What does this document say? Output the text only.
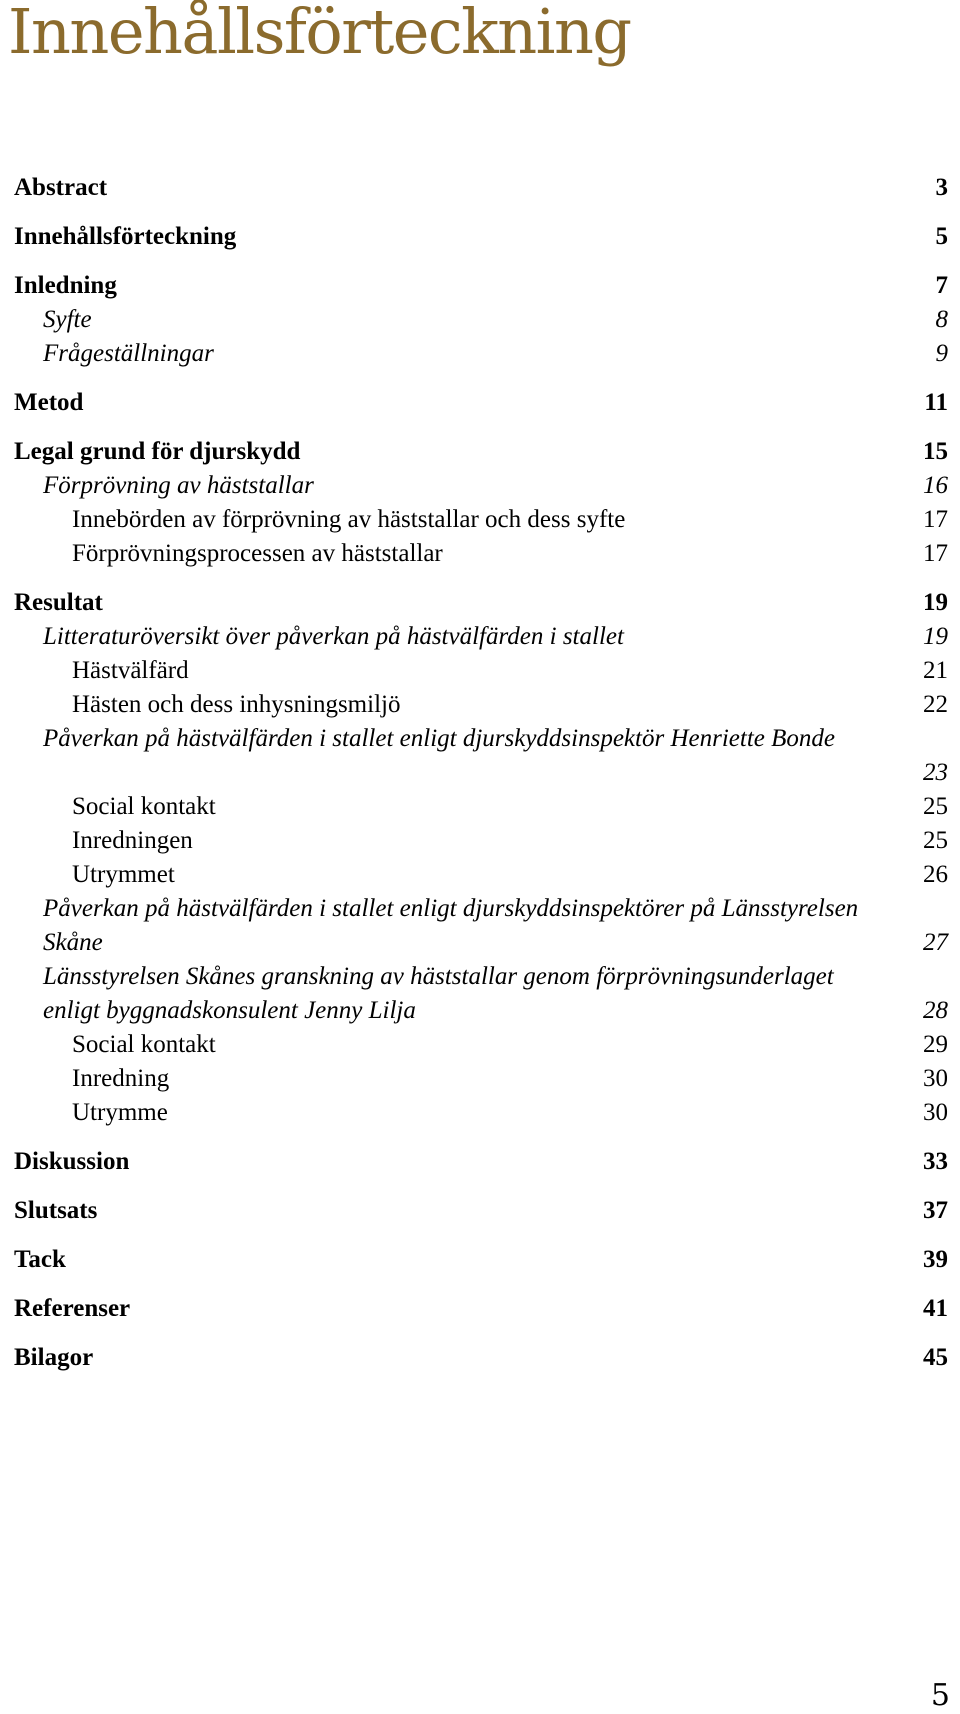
Innehållsförteckning
Abstract	3
Innehållsförteckning	5
Inledning	7
Syfte	8
Frågeställningar	9
Metod	11
Legal grund för djurskydd	15
Förprövning av häststallar	16
Innebörden av förprövning av häststallar och dess syfte	17
Förprövningsprocessen av häststallar	17
Resultat	19
Litteraturöversikt över påverkan på hästvälfärden i stallet	19
Hästvälfärd	21
Hästen och dess inhysningsmiljö	22
Påverkan på hästvälfärden i stallet enligt djurskyddsinspektör Henriette Bonde
23
Social kontakt	25
Inredningen	25
Utrymmet	26
Påverkan på hästvälfärden i stallet enligt djurskyddsinspektörer på Länsstyrelsen Skåne	27
Länsstyrelsen Skånes granskning av häststallar genom förprövningsunderlaget enligt byggnadskonsulent Jenny Lilja	28
Social kontakt	29
Inredning	30
Utrymme	30
Diskussion	33
Slutsats	37
Tack	39
Referenser	41
Bilagor	45
5
